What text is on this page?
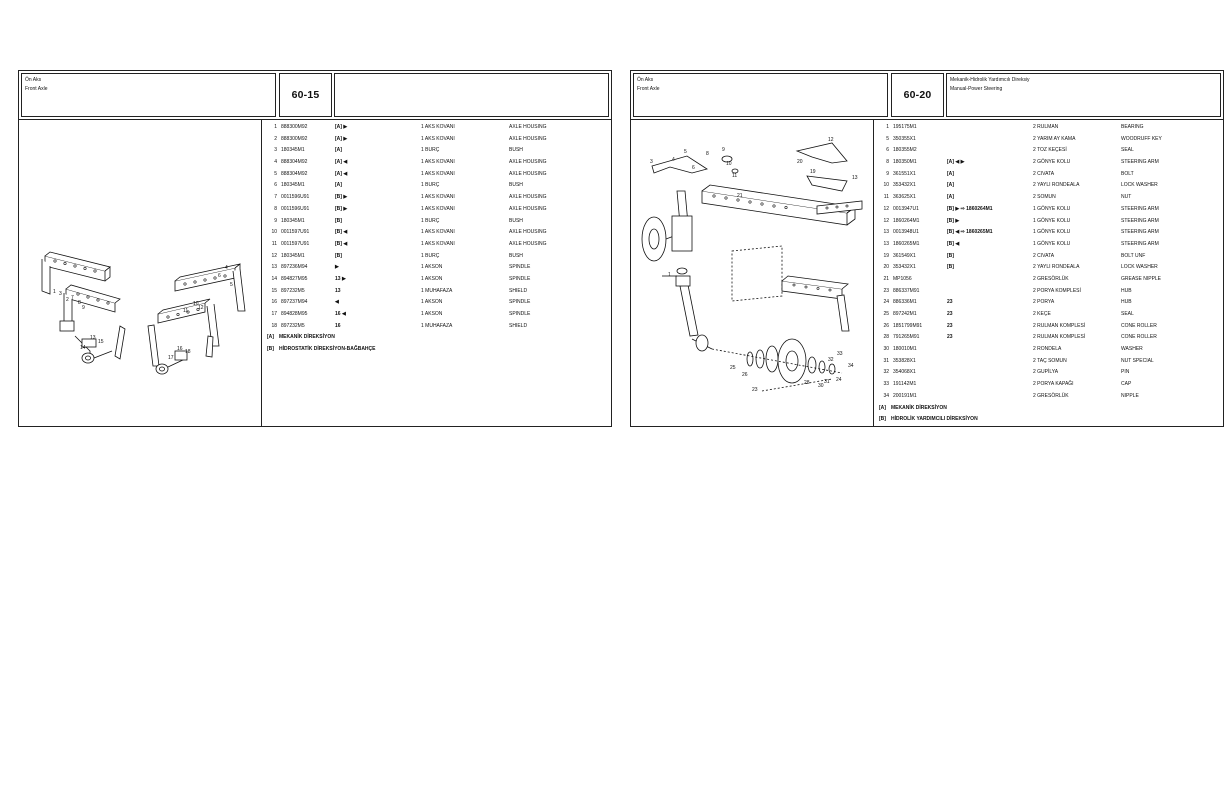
Ön Aks
Front Axle	60-15
1
2
3
4
5
6
7
8
9
10
11 12
13
14
15
16
17
18
1 888300M92	[A] ▶	1 AKS KOVANI	AXLE HOUSING
2 888300M92	[A] ▶	1 AKS KOVANI	AXLE HOUSING
3 180345M1	[A]	1 BURÇ	BUSH
4 888304M92	[A] ◀	1 AKS KOVANI	AXLE HOUSING
5 888304M92	[A] ◀	1 AKS KOVANI	AXLE HOUSING
6 180345M1	[A]	1 BURÇ	BUSH
7 0011596U91	[B] ▶	1 AKS KOVANI	AXLE HOUSING
8 0011596U91	[B] ▶	1 AKS KOVANI	AXLE HOUSING
9 180345M1	[B]	1 BURÇ	BUSH
10 0011597U91	[B] ◀	1 AKS KOVANI	AXLE HOUSING
11 0011597U91	[B] ◀	1 AKS KOVANI	AXLE HOUSING
12 180345M1	[B]	1 BURÇ	BUSH
13 897236M94	▶	1 AKSON	SPINDLE
14 894827M95	13 ▶	1 AKSON	SPINDLE
15 897232M5	13	1 MUHAFAZA	SHIELD
16 897237M94	◀	1 AKSON	SPINDLE
17 894828M95	16 ◀	1 AKSON	SPINDLE
18 897232M5	16	1 MUHAFAZA	SHIELD
[A] MEKANİK DİREKSİYON
[B] HİDROSTATİK DİREKSİYON-BAĞBAHÇE
Ön Aks
Front Axle	60-20
Mekanik-Hidrolik Yardımcılı Direksiy
Manual-Power Steering
1
3	4
5
6
8
9
10
11
12
13
19
20
21
23
24
25
26
28 30
31
32
33
34
1 195175M1	2 RULMAN	BEARING
5 350355X1	2 YARIM AY KAMA	WOODRUFF KEY
6 180355M2	2 TOZ KEÇESİ	SEAL
8 180350M1	[A] ◀ ▶	2 GÖNYE KOLU	STEERING ARM
9 361551X1	[A]	2 CIVATA	BOLT
10 353432X1	[A]	2 YAYLI RONDEALA	LOCK WASHER
11 363625X1	[A]	2 SOMUN	NUT
12 0013947U1	[B] ▶ ⇨ 1860264M1	1 GÖNYE KOLU	STEERING ARM
12 1860264M1	[B] ▶	1 GÖNYE KOLU	STEERING ARM
13 0013948U1	[B] ◀ ⇨ 1860265M1	1 GÖNYE KOLU	STEERING ARM
13 1860265M1	[B] ◀	1 GÖNYE KOLU	STEERING ARM
19 361549X1	[B]	2 CIVATA	BOLT UNF
20 353432X1	[B]	2 YAYLI RONDEALA	LOCK WASHER
21 MP1056	2 GRESÖRLÜK	GREASE NIPPLE
23 886337M91	2 PORYA KOMPLESİ	HUB
24 886336M1	23	2 PORYA	HUB
25 897242M1	23	2 KEÇE	SEAL
26 1851799M91	23	2 RULMAN KOMPLESİ	CONE ROLLER
28 791265M91	23	2 RULMAN KOMPLESİ	CONE ROLLER
30 180010M1	2 RONDELA	WASHER
31 353828X1	2 TAÇ SOMUN	NUT SPECIAL
32 354068X1	2 GUPİLYA	PIN
33 191142M1	2 PORYA KAPAĞI	CAP
34 200191M1	2 GRESÖRLÜK	NIPPLE
[A] MEKANİK DİREKSİYON
[B] HİDROLİK YARDIMCILI DİREKSİYON
